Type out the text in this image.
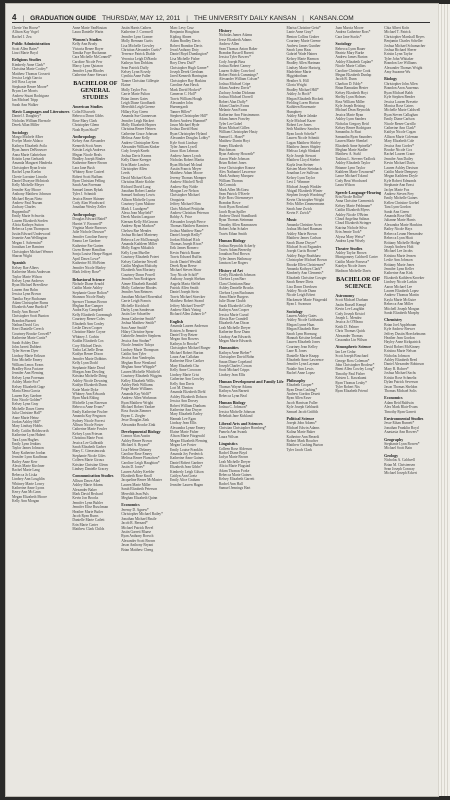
4 | GRADUATION GUIDE THURSDAY, MAY 12, 2011 | THE UNIVERSITY DAILY KANSAN | KANSAN.COM
Cherie Van Hoose*
Allison Kay Vogel
Rachel J. Zea
Public Administration
Scott Allen Bates*
Linzi Marie Boyd
Religious Studies
Kimberly Anne Clark*
Christina Marie Cooley*
Matthew Thomas Crossett
Jessica Leigh Garcia
Jeff Ross Layton
Stephanie Renee Moore*
Bryan Lee Morris
Andrew Stuart Rodriguez
Ian Michael Tripp
Sarah Ann Walker
Slavic Languages and Literatures
Daniel J. Daughtry*
Nicholas William Ebersole
Derek Allan Miller
Sociology
Margo Michele Alber
Evelyn Marie Aldaco
Kathryn Elizabeth Avila
Ryan James DeBrouwer
Anna Marie Gabrielson
Kristin Lynn Gerhardt
Amanda Margaret Hinderks
Christopher Ryan Irwin
Rachel Lynn Koehn
Cherie Lorraine Lincoln
Daniel Dwayne McIntosh
Kelly Michelle Meyer
Jennifer Kay Moore
Anthony Matthew Johnson
Michael Bryan Nieto
Andrew Paul Nuzum
Zachary Charles
Ruppenthal*
Emily Marie Schweitz
Lauren Elizabeth Sorden
Alicia Kathryn Sutton
Rebecca Lynn Thompson
Justin Edward Underwood
Jeanette Ann Wellington
Megan J. Salvemini*
Jonathan Lee Ramirez
Christopher Michael Werner
Sharon Wight
Spanish
Kelsey Rae Albers
Katherine Maria Anderson
Taylor Marie Wilson
Kelsey Lynn Andrews
Ryan Michael Breedlove
Lauren Ann Bohn
Jessica Lynn Brown
Tamika Faye Buchanan
Adam Christopher Burns
Elizabeth Anne Burdick*
Emily Ann Brown*
Christopher Scott Bunton
Brandon Burnett
Nathan David Cox
Kerri Danielle Creech
Courtney Brooke Crowell*
Katherine Marie Curtis*
Sarah Ashley Dorr
John Jarrett Dubbert
Tyler Steven Dyer
Lindsay Marie Erikson
Erin Michelle Emery
William Lenox Evans
Bradley Ross Faciane
Jennifer Ann Fleming
Kelsey Lynn Foreman
Ashley Marie Fox*
Kelsey Elizabeth Gage
Maria Elena Garcia
Lauren Kay Gardner
Erin Nicole Golden*
Kelsey Lynn Gray
Michelle Dawn Green
Julia Christine Hall*
Anne Marie Heinz
Jordan Ashley Hill*
Mary Lindsay Hobbs
Kelly Caitlin Holdsworth
Katherine Lynn Hubert
Tara Lynn Hughes
Emily Lynn Jenkins
Taylor James Johnson
Mary Katherine Jordan
Jennifer Lynn Kauffman
Bailey Anne Kerr
Alexis Marie Kirchner
Rachel Marie Lang
Rebecca Jo Liska
Lindsey Ann Loughlin
Whitney Marie Lowry
Katherine Anne Lyons
Kerry Ann McCann
Megan Elizabeth Moore
Kelly Ann Morgan
Anne Marie VanHoutan
Laura Danielle Warin
Women's Studies
Kelly Ann Brody
Victoria Renee Boyer
Tamika Faye Buchanan
Cara Michelle McConnell*
Caroline Nicole Pew
Marcy Lynn Quiason
Jennifer Lynn Rhodes
Catherine Anne Stewart
BACHELOR OF GENERAL STUDIES
American Studies
Colin Ellsworth
Rebecca Dawn Gibbs
Rose Mary Clark
Christopher Glenn
Noah Ryan Sholl*
Anthropology
Kelsey Ann Alexander
Kenneth Scott Ames
Kristin Leigh Andrews
Megan Nicole Beals
Bradley Joseph Binder
Katherine Renee Brown
Lara Jane Bush
Whitney Rose Casteel
Robert Scott Buffum
Ryan Christian Felling
Sarah Ann Foreman
Samuel James Rybak
Tyler J. Schmidt
Jessica Renee Skinner
Cody Alan Woodward
Jonathan Wesley Zeller
Anthropology
Douglas Edward Baird*
Harriet V. Brownell*
Virginia Marie Burrows
Julie Nichole Dawson*
Jennifer Caroline Emery
Emma Lee Gardner
Katherine Fae Garten
Gwen Renee Hamilton
Sonja Louise Heaps-Bogart
April Dawn Lowe*
Katherine M. McBrien
Jennifer Nicole Marley
Mark Jeffrey Rose*
Behavioral Science
Nichole Diane Arnold
Caitlin Marie Ashley
Stephanie Grace Bolton*
Shannon Nicole Brady
Spencer Thomas Brown
Meghan Rae Camper
Audra Kay Campbell
Kelly Elizabeth Cavanaugh
Courtney Renee Coles
Elizabeth Ann Conley
Leslie Dawn Cooper
Christine Marie Coyne
Whitney J. Corbin
Kaitlin Elizabeth Cox
Cory Michael Davis
Tasha LaChelle Dean
Kaitlyn Renee Dixon
Jennifer Marie Dobbins
Kelly Lynn Dodd
Stephanie Marie Doud
Morgan Jean Dowling
Kristina Michelle Dring
Ashley Nicole Downing
Kaitlyn Elizabeth Dunn
Katie Marie Dyke
Whitney Ann Edwards
Ryan Mark Ehling
Michelle Lynn Einerson
Rebecca Anne Evans*
Emily Katherine Fischer
Amanda Kay Ferguson
Sydney Nicole Forrest
Allison Nicole Foster
Catherine Marie Fowler
Kelsey Lynn Frieson
Christina Marie Frost
Jessica Lee Galbraith
Sarah Elizabeth Garber
Mary C. Gierasimczuk
Stephanie Nicole Giles
Colleen Marie Giroux
Kristine Christine Glenn
Lindsey Danielle Gracey
Communication Studies
Allison Dawn Abel
Ashley Marie Adams
Alexander Baker
Mark David Bechard
Kevin Jon Brooks
Jennifer Lynn Buhler
Jennifer Elise Buschman
Heather Marie Butler
Jacob Ryan Burns
Danielle Marie Catlett
Erin Marie Carter
Matthew Clark Childs
Justin Harris Cathers
Katherine J. Cornwell
Jennifer Lynn Cramer
Molly Brennan Curtis
Lisa Michelle Crowley
Christian Alexander Curtis*
Terrence Patrick Diable
Veronica Leigh DiNardo
Kathryn Ann Dobkins
Sean Patrick Duffy
Kelsey Lynn Ecsedy
Cynthia Anne Fuller
Tanner Christian Gillespie
Elaine
Molly Taylor Fox
Carrie Marie Fulton
Brian James Gates
Leigh Diane Goodhardt
Meredith Leigh Greene
Hillary Kay Green
Amanda Sue Gunnerson
Jennifer Leigh Hackert
Molly Elizabeth Haynes
Christina Renee Heinen
Catherine Grace Johnson
Melissa Anne Kelly
Andrew Christopher Kern
Alexander William Kinker
Cody Joseph Kneib
Joshua Davis Kearns
Kelly Diane Kreeger
Erin Marie Lawless
Christopher Allen
Leeds
David Michael Koch
Christina Marie Kohler
Richard David Lang
Jonathan Robert Lamke
Samuel Anthony Lewis
Allison Michelle Lyons
Courtney Lynn Malone
Mark J. Lundgren*
Alexa Jean Mayfield*
Derek Martin Longacre
Kiernan Kelly McGavran
Andrew Ryan Madson*
Chelsea Rae Mendes
Joshua Richard Marteney
Rebecca Lee McDonough
Amanda Kathleen Miller
Molly Eagen Mikulich
Kelly Lynn Mueller
Courtney Elizabeth Poteet
Kelsey Catherine Newell
Caitlin Meghan Mulcahy
Elizabeth Ann Moriarty
Courtney Dawn Powell
Jennifer Ann Rodriguez
Aimee Elizabeth Randall
Molly Catherine Rhodes
Jennifer Ann Reimers
Jonathan Michael Rosenthal
Carrie Leigh Francis
Michelle Kirchhoff
Darby Lynn Sanderson
Justin Lee Schaeffer
Jenna Catherine Smith*
Joshua Matthew Smith*
Sara Anne Smith*
Hilary Christine Spear
Gabrielle Jennifer Stephens
Jessica Ann Strahm*
Nicole Jennifer Tafoya
Lindsey Marie Thompson
Caitlin Ann Tyler
Jessica Ann Vanderplas
Meghan Rose Wentland
Meghan Anne Whipple*
Lauren Michelle Whitfield
Courtney Elizabeth Wiggins
Kelley Elizabeth Willis
Ashley Beth Williams
Paige Marie Williams
Amanda Kay Wolff*
Andrew Allen Workman
Ryan Matthew Wright
Michael Robert Yankee
Ross Austin Zimmer
Bryan C. Ziegler
Jesse Douglas Zink
Alexandra Brooke Zink
Developmental Biology
Connor Alan Austin
Ashley Renee Brown
Michael A. Bryant*
Lisa Helene Delaney
Caroline Rose Emery
Melissa Renee Flanschen*
Caroline Leigh Haughton*
Justin D. Jones*
Lauren Ashley Keebler
Elizabeth Rose Knoll
Jacqueline Renee McMaster
Lauren Marie Miller
Sarah Elizabeth Peterson
Meredith Jean Puls
Meghan Elizabeth Quinn
Economics
Jeremy D. Agnew*
Christopher Michael Bailey*
Jonathan Michael Basile
Jacob R. Bernard*
Michael Patrick Bevel
Justin Garrett Blaase
Ryan Anthony Boesch
Alexander Scott Brown
Jason Anthony Bryant
Brian Matthew Cheng
Marc Levy Cruz
Benjamin Houghton
Kipling Ahnen
Adam Bradley Davis
Robert Brandon Davis
Jerad Anthony Doty
Daniel Boyd Dumlington*
Lisa Michelle Fisher
Rory Drew Duff*
Christopher Hugh Garner*
Joseph Derek Gresham
Jared Kenneth Harrington
Christopher Ray Haskins
Caroline Ann Hawk
Mark David Hockett*
Cameron C. Holl*
Travis William Hough
Alexander John
Huenergardt
Tanner Hillen*
Stephen Christopher Hill*
Robert Andrew Hummel*
Jason Michael Hyde
Joshua David Hunt
Ryan Christopher Hyland
Alexander Douglas Lobby*
Kyle Scott Lindsay
Tyler James Lysell
Jason Alan Lehman
Andrew James Lynch
Nicholas Robert Martin
Ryan Michael Mcloud
Austin Francis Meyer
Matthew Adam Moore
Jeremy Thomas Momper
Andrew Mitchell Neill
Andrew Ray Noble
Morgan Lee Nelson
Christopher Michael
Oroquieta
Jeffrey Michael Ohm
Chris Michael Pettijohn
Andrew Christian Peterson
Robby A. Price
Alexander Joseph Pierce
Thomas Matthew Ramirez
Joshua Matthew Ranz*
Daniel Joseph Reilly*
Jordan Michael Rich
Thomas Joseph Rivas*
Erik James Romero
Kevin Patrick Ruane
Travis Edward Ruffin
Jacob Daniel Westfall
Derek Ryan Reese
Michael Steven Shaw
Tory Nicole Schiff*
Anthony Joseph Shehan
Angela Maria Sleffel
Patrick Allen Smith
Daniel Joseph Stein
Travis Michael Stoecker
Matthew Robert Strand
Jeffrey Michael Terrell*
Andrew Mark Vining
Richard Allen Zahner Jr*
English
Amanda Lauren Anderson
Kristen Jo Bennett
Daniel Troy Betzer
Megan Ann Bowers
Kathryn Jo Brooks*
Christopher Michael Burger
Michael Robert Burton
Laura Ann Callahan
Katherine Elise Cariker
Mary Elizabeth Cho
Kelly Anne Corcoran
Lindsey Marie Crist
Catherine Ann Crowley
Kelly Ann Davis
Lori M. Denton
Amanda Elizabeth Diehl
Ashley Elizabeth Dobson
Jessica Ann Dorsey
Robert William Dunham
Katherine Ann Dwyer
Mary Elizabeth Earley
Hannah Lee Egan
Lindsay Jean Ellis
Alexandra Lynne Emery
Elaine Marie Fisher
Alison Marie Fitzgerald
Megan Elizabeth Fleming
Megan Lee Foster
Emily Louise Franklin
Amanda Joy Frederick
Katherine Anne Gaines
Daniel Robert Gardner
Elizabeth Jean Gibbs*
Kimberly Leigh Gilson
Caitlyn Ann Goetz
Emily Alice Graham
Jennifer Lauren Hagan
History
Nicholas James Adams
Jesse Elizabeth Adams
Andrew Allen
Sean Thomas Anton Baker
Brandon Russell Barrett
Jessica Tyler Bowers*
Cody Joseph Buss
Joshua Robert Carney
Lauren Ashley Crawford
Robert Patrick Cummings*
Alexander William Colson*
Joshua Michael Cripe
Adam Andrew Davis*
Zachary Jordan Dickman
Joshua Michael Dorrell
Robert Alan Duffy*
Adam Charles Evans
Melanie Ann Evans
Katherine Ann Fitzsimmons
Adam James Frawley
Tyler Lee Gabel
Brian Michael Gillen
William Christopher Hasty
Samuel L. Hazel*
Matthew Darrin Hoyt
Sunny Elizabeth
Hutchinson
Ryan Anthony Howarth*
Aaron Wade Johnson
Brian Robert Jones
Jesse Christopher Krause
Alex Nathaniel Lawrence
Mark Anthony Marquez
William Thomas
McCormick
Mark Allen McGraw
Sean Patrick O'Keefe
Kyle Ross Ottensmeyer
Brandon Rowe
Scott Ryan Rowland
Jacob Ryan Spiller
Andrew David Standhardt
Ryan Thomas Steinman
Timothy Allen Rasmussen
Robert John Schaler
Travis Ethan Smith
Human Biology
Joshua Reynolds Ackerly
Travis Adam Bernethy
Jonathan Paul Brown
Tyler James Hathaway
Jamison Lee Rogers
History of Art
Cecily Elizabeth Johnson
Chelsea Lynn Barr
Clara Christiann Baur
Ashley Danielle Brooks
Chelsea Lynn Buchanan
Anna Marie Burgess
Julie Diane Chubb
Sarah Elizabeth Coffey
Kathryn Ann Cooper
Jessica Marie Cozad
Alexis Rae Crandell
Elizabeth Ann Dixon
Leah Michelle Dreyer
Katherine Rose Dunn
Lindsay Ann Edwards
Megan Marie Edwards
Humanities
Kathryn Anne Bieber*
Christopher David Bohn
Susan Diane Copeland
Joseph Charles Cowan
Scott Michael Cripps
Lindsey Jean Ellis
Human Development and Family Life
Thomas Wayne Adams
Kathryn Ann Barnett
Rebecca Lynn Beal
Human Biology
Joshua C. Johnson*
Jessica Michelle Johnson
Rebekah Jane Kirkland
Liberal Arts and Sciences
Christian Christopher Hornberg*
Pamela Ann Swank
Laura Wilson
Linguistics
Colleen Rose Alderson
Rachel Diane Boyd
Jaclyn Marie Brown
Leah Michelle Dreyer
Alicia Marie Flagstad
Adam Thomas Forke
Rebecca Marie Gaines
Kelsey Elizabeth Garrett
Rachel Ann Hall
Samuel Jennings Hart
Marisa Christine Geist*
Lanie Anne Gray*
Benton Collins Graber
Courtney Marie Greene
Andrew James Gunther
Sarah Lynn Haas
Gabriel Wade Haines
Kelsey Marie Harmon
Bradley Allen Hartman
Lindsey Marie Hartwig
Madeleine Marie
Higginbotham
Heather A. Hill
Gloria Wright
Bradley Michael Hill*
Ashley Jo Hoch*
Megan Elizabeth Hockett
Fielding Loren Horton
Kathleen Rosemarie
Humphrey
Ashley Marie Jahnke
Kyle Michael Kazer
Robert Lee Jones
Seth Matthew Sanchez
Ryan Jacob Scheltz*
Lauren Nicole Schmitt
Logan Matthew Shirley
Matthew James Shipley
Melissa Leigh Slinkard
Kyle Joseph Stewart
Matthew Lloyd Stieber
Kayla Jean Steiner
Kristen Marie Steinbach
Jonathan Lee Sullivan
Kelsey Lynn Taylor
Levi J. Wimmer
Michael Joseph Winkler
Abigail Elizabeth Winter
Stephen Joseph Woodring*
Kevin Christopher Wright
Felix Miller Zimmermann
Sarah Jane Zwick
Kevin F. Zwick*
Music
Amanda Christine Acres
Joshua Michael Bauman
Ashley Marie Brown
Matthew James Carlson
Sarah Diane Dwyer*
Michael Scott Fagundes
Joseph Curtis Boone*
Ashley Paige Bradshaw
Christopher Michael Brown
Brooke Ellen Christensen*
Amanda Kathryn Clark*
Kimberly Ann Clements*
Elizabeth Christine Cowger
Sarah Renee Dietz
Lisa Dawn Doerksen
Ashley Nicole Dunn
Nicole Leigh Erbert
Mackenzie Marie Fitzgerald
Ryan J. Swanson
Sociology
Lauren Ashley Gates
Ashley Nicole Goldsmith
Megan Lynne Haas
Megan Elizabeth Hare
Sarah Lynn Hornung
Hannah Kristine Ireland
Lauren Elizabeth Jones
Courtney Jean Kelley
Lane R. Jones
Danielle Marie Knapp
Elizabeth Anne Lawrence
Jennifer Lynn Layman
Natalie Ann Lewis
Rachel Anne Lopez
Philosophy
Elizabeth Cooper*
Ryan Dean Cushing*
Andrew Gordon Druett
Ryan Allen Esser
Jacob Harrison Fuller
Kyle Joseph Gebhardt
Samuel Jacob Griffith
Political Science
Joseph John Adams*
Michael Edwin Adams
Kalina Marie Baker
Katherine Ann Berardi
Robert Mark Boucher
Matthew Cushing Burton
Tyler Jacob Clark
Joan Marcia Moore
Andrea Catherine Ross*
Cara Jane Stacks*
Sociology
Rebecca Lynn Bauer
Beatriz Mary Burke
Andrew James Burton
Ashley Elizabeth Caplan*
Nicole Marie Collins
Caroline Christine Cook
Megan Elizabeth Dunlap
Jacob B. Dunn
Charlton D. Eddy*
Brian Ramadan Hester
Kelsey Elizabeth Hoyt
Shelby Lynn Holmes
Ross William Miller
Kyle Joseph Reising
Michael Dean Reynolds
Jessica Marie Ryan
Ashley Lynn Sanders
Nicholas Gregory Reid
Kelsey Renee Rodriguez
Samantha Jo Rust
Samantha Ryan Saunders
Lauren Marie Shenkel
Elizabeth Anne Spinella*
Meghan Marie Stadler
Matthew A. Stahl
Tashina L. Stevens-Tadlock
Ashley Elizabeth Taylor
Brianne Lynn Taylor
Kathleen Marie Townsend*
Lance Michael Toland
Cody Beat Woodward
Laura Wilson
Speech-Language-Hearing
Erin Nicole Bollin*
Anna Christine Carmenick
Kelsey Marie Feldmann*
Caitlin Elizabeth Myers
Ashley Nicole O'Brien
Cloud Angelina Salinas
Cloud Elizabeth Stringer
Katrina Nichole Silva
Erin Jennie Took*
Alyssa Mary Weiss*
Andrea Lynn Wisely
Theatre Studies
Ashley Taylor Brown
Montgomery Caldwell Carter
Caitlin Marie Fonseca*
Katelyn Nicole Jones
Madison Michelle Davis
BACHELOR OF SCIENCE
Astronomy
Scott Michael Durham
Justin Russell Kempf
Kevin Lee Laughlin
Cody Joseph Kristof
Joseph L. Mendez
Jessica Jo O'Meara
Keith D. Palmer
Chris Thomas Quick
Alexander Thomas
Cassandra Lin Wilson
Atmospheric Science
Ian Lee Cedar
Scott Joseph Bouchard
George Ross Coleman*
John Christopher Brodeur*
Brent Allen Cowley Long*
Timothy Paul Fisher
Kristen L. Kawakami
Ryan Thomas Leahy*
Tyler Robert Nix
Ryan Elizabeth Friend
Chia Albert Kofn
Michael T. Patrick
Christopher Marshall Reyes
Benjamin Charles Scheller
Joshua Michael Schumacher
Joshua Richard Sherer
Kristin Lynn Taylor
Tyler John Whitaker
Brandon Lee Williams
Alexander Thomas Wright
Amy Suzanne Wu
Biology
Christopher John Allen
Brandon Aron Ausemus
Ryan Michael Babb
Kyle Stephen Bender
Jessica Lauren Bresette
Monica Rose Cairns
Michelle Marie Caldwell
Ryan Steven Callaghan
Emily Diane Carlson
Nicole Renee Carrillo
Catherine Ann Clark*
Kaitlyn Nicole Cogan
Allison Marie Coleman
Mary Elizabeth Cole
Jessica Ann Cordes*
Brooke Nicole Cox
Rachel Lauren Crane
Jennifer Ann Dailey
Kevin Michael Davis
Lauren Ashley Davison
Caitlin Marie Dempsey
Megan Kathleen Doyle
Kyle Robert Edmonds
Stephanie Ann Ernst
Jaclyn Marie Fox
Andrew Steven Frey
Emily Michelle Gaines
Kellen Christine Goebel
Tara Lynn Gordon
Sarah Ann Green
Amanda Rose Hall
Julianne Marie Harris
Alexandra Marie Hawkins
Bailey Nicole Hays
Rebecca Leann Hernandez
Rebecca Lynn Hiatt
Brittany Michelle Hodge
Joseph Andrew Holt
Michael Lee Jacobs
Kristina Marie Jensen
Leslie Ann Johnson
Brittany Marie Jones
Jennifer Lynn Keller
Katherine Ann Kirk
Elizabeth Kathleen Kroeker
Lindsey Nicole Larkin
Aaron Michael Lee
Lauren Elizabeth Lopez
Andrew Thomas Martin
Kayla Marie McGuire
Rebecca Ann Miller
Mitchell Joseph Morgan
Sarah Elizabeth Murphy
Chemistry
Brian Joel Applebaum
Kyle Andrew Brewer
Jeffrey Dustin Hoeckelmann
Heather Jean Gordon
Hayley Anne Kirkpatrick
David Robert McKinney
Kristina Marie Nelson
Nicholas Johnson
Ashley Elizabeth Reed
Daniel Alexander Robinson
Mary R. Rohrer*
Joshua Michael Sachs
Kristin Rose Schmeltz
Dylan Patrick Severson
Jason Thomas Sheldon
Thomas Michael Solis
Economics
Adam Reid Baldwin
Alex Mark Blair-Evans
Timothy Ryan Garrett
Environmental Studies
Jesse Ethan Burnett*
Jonathan Franklin Boyd
Anastasia Ann Bowers*
Geography
Stephanie Lynn Bowen*
Michael Scott Bain
Geology
Nicholas A. Caldwell
Brian M. Christensen
Sean Joseph Conway
Michael Joseph Eckert
